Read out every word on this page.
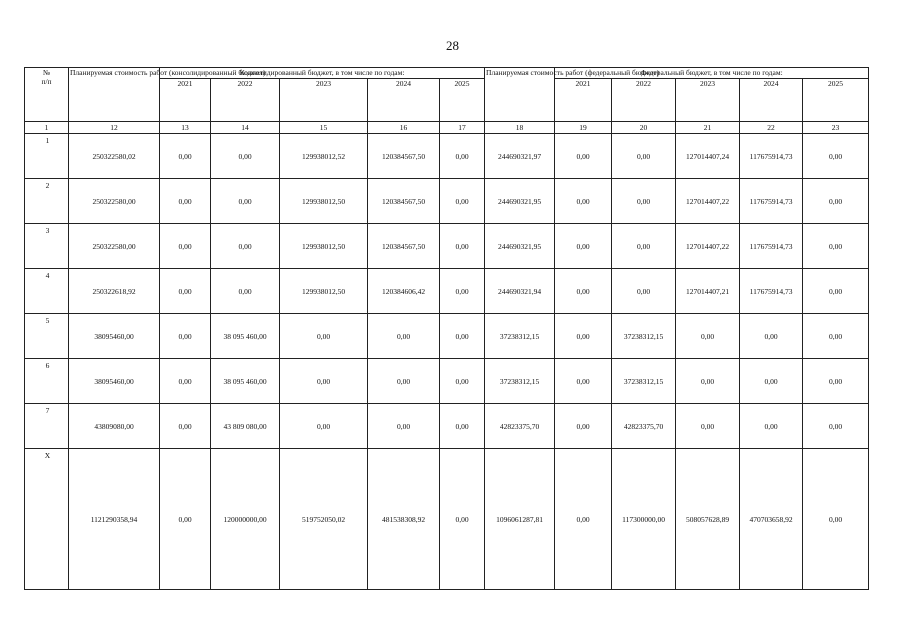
28
№
п/п	Планируемая стоимость работ (консолидированный бюджет)	Консолидированный бюджет, в том числе по годам:					Планируемая стоимость работ (федеральный бюджет)	Федеральный бюджет, в том числе по годам:				
		2021	2022	2023	2024	2025		2021	2022	2023	2024	2025
1	12	13	14	15	16	17	18	19	20	21	22	23
1	250322580,02	0,00	0,00	129938012,52	120384567,50	0,00	244690321,97	0,00	0,00	127014407,24	117675914,73	0,00
2	250322580,00	0,00	0,00	129938012,50	120384567,50	0,00	244690321,95	0,00	0,00	127014407,22	117675914,73	0,00
3	250322580,00	0,00	0,00	129938012,50	120384567,50	0,00	244690321,95	0,00	0,00	127014407,22	117675914,73	0,00
4	250322618,92	0,00	0,00	129938012,50	120384606,42	0,00	244690321,94	0,00	0,00	127014407,21	117675914,73	0,00
5	38095460,00	0,00	38 095 460,00	0,00	0,00	0,00	37238312,15	0,00	37238312,15	0,00	0,00	0,00
6	38095460,00	0,00	38 095 460,00	0,00	0,00	0,00	37238312,15	0,00	37238312,15	0,00	0,00	0,00
7	43809080,00	0,00	43 809 080,00	0,00	0,00	0,00	42823375,70	0,00	42823375,70	0,00	0,00	0,00
X	1121290358,94	0,00	120000000,00	519752050,02	481538308,92	0,00	1096061287,81	0,00	117300000,00	508057628,89	470703658,92	0,00
